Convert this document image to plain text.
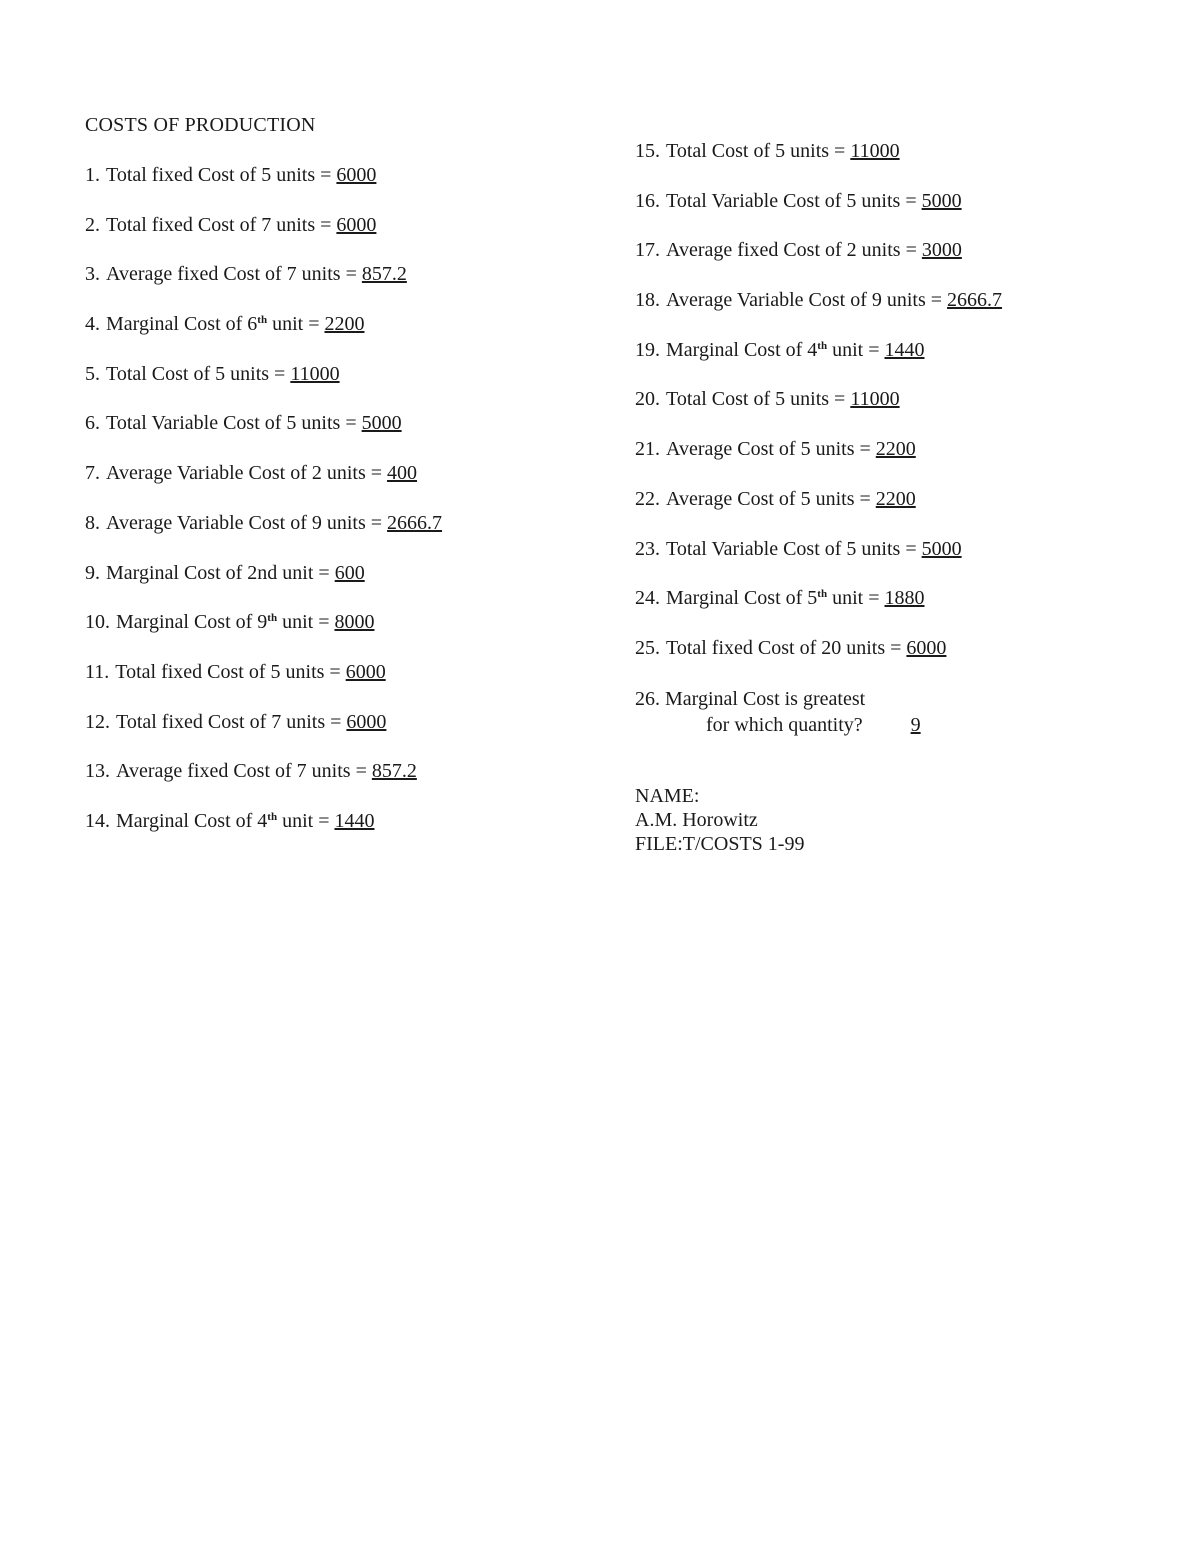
COSTS OF PRODUCTION
1. Total fixed Cost of 5 units = 6000
2. Total fixed Cost of 7 units = 6000
3. Average fixed Cost of 7 units = 857.2
4. Marginal Cost of 6th unit = 2200
5. Total Cost of 5 units = 11000
6. Total Variable Cost of 5 units = 5000
7. Average Variable Cost of 2 units = 400
8. Average Variable Cost of 9 units = 2666.7
9. Marginal Cost of 2nd unit = 600
10. Marginal Cost of 9th unit = 8000
11. Total fixed Cost of 5 units = 6000
12. Total fixed Cost of 7 units = 6000
13. Average fixed Cost of 7 units = 857.2
14. Marginal Cost of 4th unit = 1440
15. Total Cost of 5 units = 11000
16. Total Variable Cost of 5 units = 5000
17. Average fixed Cost of 2 units = 3000
18. Average Variable Cost of 9 units = 2666.7
19. Marginal Cost of 4th unit = 1440
20. Total Cost of 5 units = 11000
21. Average Cost of 5 units = 2200
22. Average Cost of 5 units = 2200
23. Total Variable Cost of 5 units = 5000
24. Marginal Cost of 5th unit = 1880
25. Total fixed Cost of 20 units = 6000
26. Marginal Cost is greatest
for which quantity? 9
NAME:
A.M. Horowitz
FILE:T/COSTS 1-99
